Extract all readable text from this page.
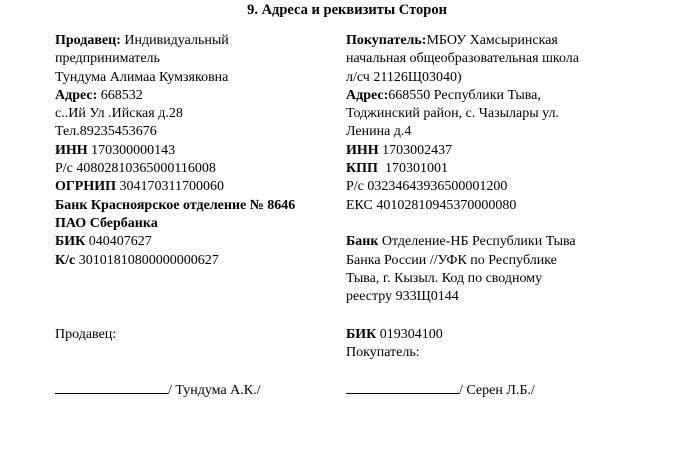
9. Адреса и реквизиты Сторон
Продавец: Индивидуальный
предприниматель
Тундума Алимаа Кумзяковна
Адрес: 668532
с..Ий Ул .Ийская д.28
Тел.89235453676
ИНН 170300000143
Р/с 40802810365000116008
ОГРНИП 304170311700060
Банк Красноярское отделение № 8646
ПАО Сбербанка
БИК 040407627
К/с 30101810800000000627
Покупатель:МБОУ Хамсыринская
начальная общеобразовательная школа
л/сч 21126Щ03040)
Адрес:668550 Республики Тыва,
Тоджинский район, с. Чазылары ул.
Ленина д.4
ИНН 1703002437
КПП 170301001
Р/с 03234643936500001200
ЕКС 40102810945370000080

Банк Отделение-НБ Республики Тыва
Банка России //УФК по Республике
Тыва, г. Кызыл. Код по сводному
реестру 933Щ0144
Продавец:	БИК 019304100
Покупатель:
/ Тундума А.К./	/ Серен Л.Б./
